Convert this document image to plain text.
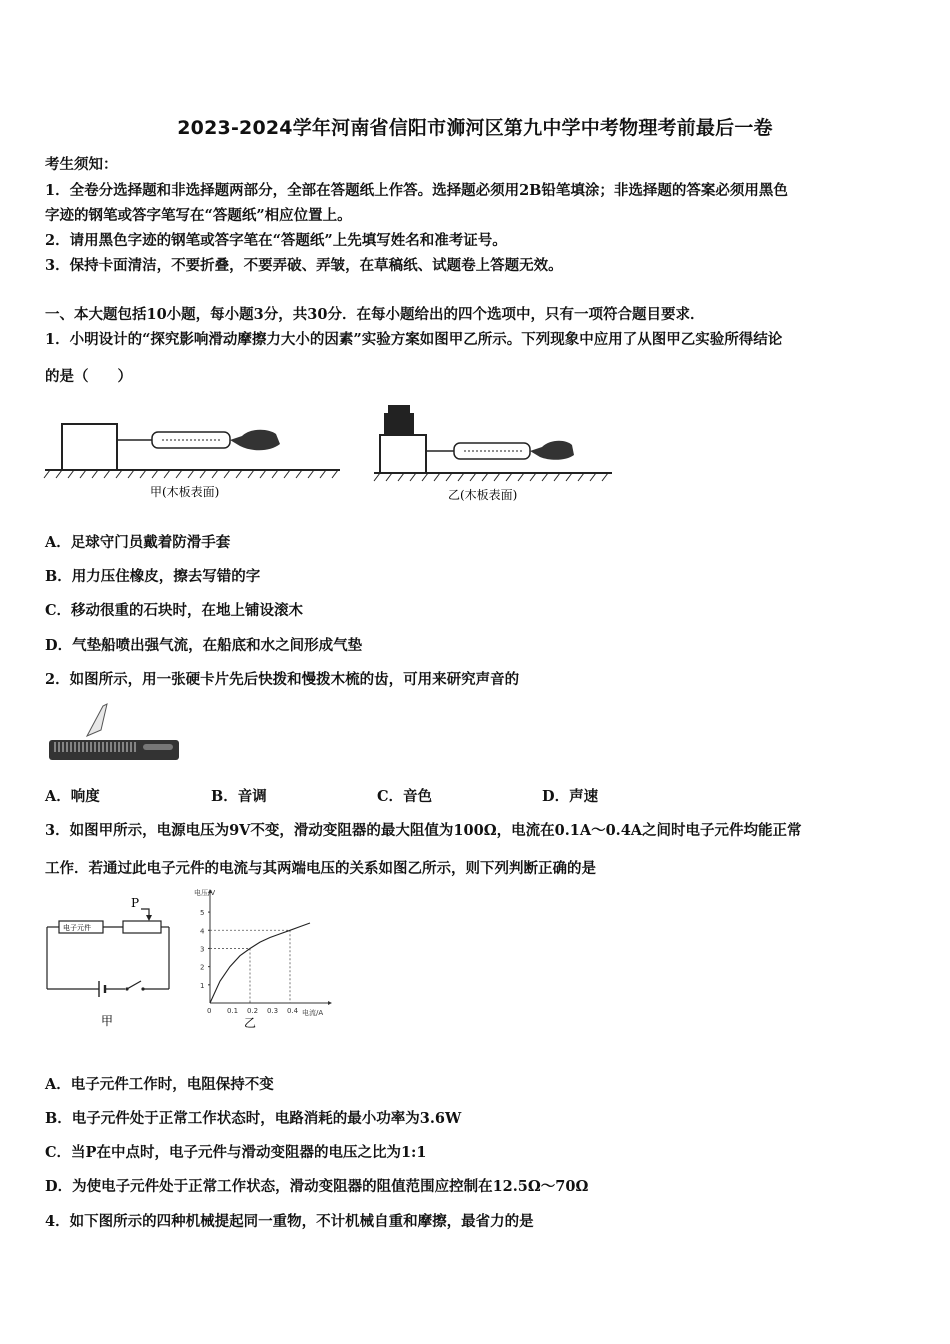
2023-2024学年河南省信阳市浉河区第九中学中考物理考前最后一卷
考生须知：
1．全卷分选择题和非选择题两部分，全部在答题纸上作答。选择题必须用2B铅笔填涂；非选择题的答案必须用黑色
字迹的钢笔或答字笔写在“答题纸”相应位置上。
2．请用黑色字迹的钢笔或答字笔在“答题纸”上先填写姓名和准考证号。
3．保持卡面清洁，不要折叠，不要弄破、弄皱，在草稿纸、试题卷上答题无效。
一、本大题包括10小题，每小题3分，共30分．在每小题给出的四个选项中，只有一项符合题目要求．
1．小明设计的“探究影响滑动摩擦力大小的因素”实验方案如图甲乙所示。下列现象中应用了从图甲乙实验所得结论
的是（　　）
甲(木板表面)	乙(木板表面)
A．足球守门员戴着防滑手套
B．用力压住橡皮，擦去写错的字
C．移动很重的石块时，在地上铺设滚木
D．气垫船喷出强气流，在船底和水之间形成气垫
2．如图所示，用一张硬卡片先后快拨和慢拨木梳的齿，可用来研究声音的
A．响度	B．音调	C．音色	D．声速
3．如图甲所示，电源电压为9V不变，滑动变阻器的最大阻值为100Ω，电流在0.1A～0.4A之间时电子元件均能正常
工作．若通过此电子元件的电流与其两端电压的关系如图乙所示，则下列判断正确的是
电子元件
P
甲
电压/V
电流/A
0 0.1 0.2 0.3 0.4
1
2
3
4
5
乙
A．电子元件工作时，电阻保持不变
B．电子元件处于正常工作状态时，电路消耗的最小功率为3.6W
C．当P在中点时，电子元件与滑动变阻器的电压之比为1:1
D．为使电子元件处于正常工作状态，滑动变阻器的阻值范围应控制在12.5Ω～70Ω
4．如下图所示的四种机械提起同一重物，不计机械自重和摩擦，最省力的是
